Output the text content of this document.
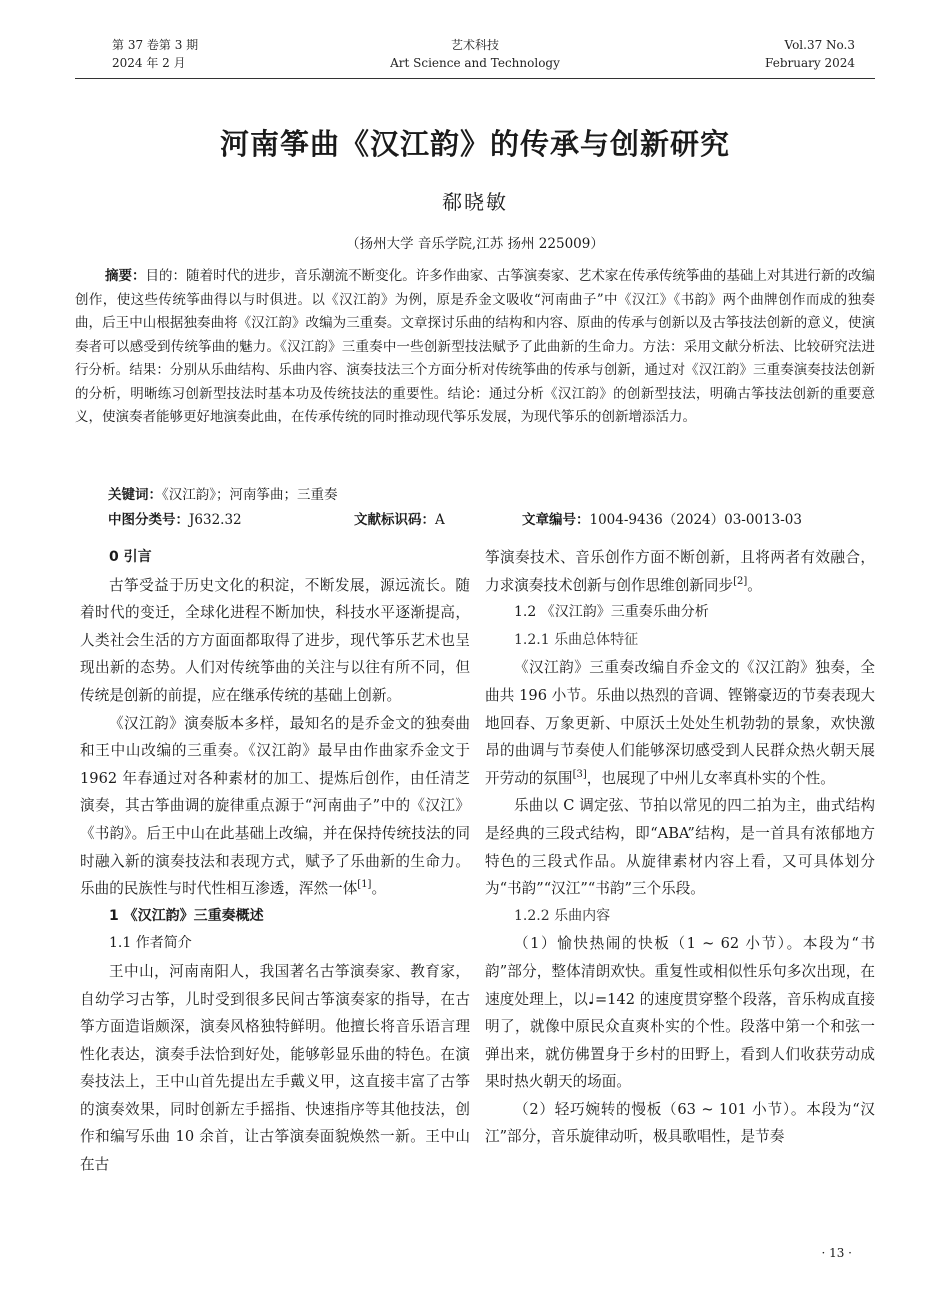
第 37 卷第 3 期
2024 年 2 月
艺术科技
Art Science and Technology
Vol.37 No.3
February 2024
河南筝曲《汉江韵》的传承与创新研究
郗晓敏
（扬州大学 音乐学院,江苏 扬州 225009）
摘要：目的：随着时代的进步，音乐潮流不断变化。许多作曲家、古筝演奏家、艺术家在传承传统筝曲的基础上对其进行新的改编创作，使这些传统筝曲得以与时俱进。以《汉江韵》为例，原是乔金文吸收“河南曲子”中《汉江》《书韵》两个曲牌创作而成的独奏曲，后王中山根据独奏曲将《汉江韵》改编为三重奏。文章探讨乐曲的结构和内容、原曲的传承与创新以及古筝技法创新的意义，使演奏者可以感受到传统筝曲的魅力。《汉江韵》三重奏中一些创新型技法赋予了此曲新的生命力。方法：采用文献分析法、比较研究法进行分析。结果：分别从乐曲结构、乐曲内容、演奏技法三个方面分析对传统筝曲的传承与创新，通过对《汉江韵》三重奏演奏技法创新的分析，明晰练习创新型技法时基本功及传统技法的重要性。结论：通过分析《汉江韵》的创新型技法，明确古筝技法创新的重要意义，使演奏者能够更好地演奏此曲，在传承传统的同时推动现代筝乐发展，为现代筝乐的创新增添活力。
关键词：《汉江韵》；河南筝曲；三重奏
中图分类号：J632.32	文献标识码：A	文章编号：1004-9436（2024）03-0013-03

0 引言

古筝受益于历史文化的积淀，不断发展，源远流长。随着时代的变迁，全球化进程不断加快，科技水平逐渐提高，人类社会生活的方方面面都取得了进步，现代筝乐艺术也呈现出新的态势。人们对传统筝曲的关注与以往有所不同，但传统是创新的前提，应在继承传统的基础上创新。

《汉江韵》演奏版本多样，最知名的是乔金文的独奏曲和王中山改编的三重奏。《汉江韵》最早由作曲家乔金文于 1962 年春通过对各种素材的加工、提炼后创作，由任清芝演奏，其古筝曲调的旋律重点源于“河南曲子”中的《汉江》《书韵》。后王中山在此基础上改编，并在保持传统技法的同时融入新的演奏技法和表现方式，赋予了乐曲新的生命力。乐曲的民族性与时代性相互渗透，浑然一体[1]。

1 《汉江韵》三重奏概述

1.1 作者简介

王中山，河南南阳人，我国著名古筝演奏家、教育家，自幼学习古筝，儿时受到很多民间古筝演奏家的指导，在古筝方面造诣颇深，演奏风格独特鲜明。他擅长将音乐语言理性化表达，演奏手法恰到好处，能够彰显乐曲的特色。在演奏技法上，王中山首先提出左手戴义甲，这直接丰富了古筝的演奏效果，同时创新左手摇指、快速指序等其他技法，创作和编写乐曲 10 余首，让古筝演奏面貌焕然一新。王中山在古

筝演奏技术、音乐创作方面不断创新，且将两者有效融合，力求演奏技术创新与创作思维创新同步[2]。

1.2 《汉江韵》三重奏乐曲分析

1.2.1 乐曲总体特征

《汉江韵》三重奏改编自乔金文的《汉江韵》独奏，全曲共 196 小节。乐曲以热烈的音调、铿锵豪迈的节奏表现大地回春、万象更新、中原沃土处处生机勃勃的景象，欢快激昂的曲调与节奏使人们能够深切感受到人民群众热火朝天展开劳动的氛围[3]，也展现了中州儿女率真朴实的个性。

乐曲以 C 调定弦、节拍以常见的四二拍为主，曲式结构是经典的三段式结构，即“ABA”结构，是一首具有浓郁地方特色的三段式作品。从旋律素材内容上看，又可具体划分为“书韵”“汉江”“书韵”三个乐段。

1.2.2 乐曲内容

（1）愉快热闹的快板（1 ~ 62 小节）。本段为“书韵”部分，整体清朗欢快。重复性或相似性乐句多次出现，在速度处理上，以♩=142 的速度贯穿整个段落，音乐构成直接明了，就像中原民众直爽朴实的个性。段落中第一个和弦一弹出来，就仿佛置身于乡村的田野上，看到人们收获劳动成果时热火朝天的场面。

（2）轻巧婉转的慢板（63 ~ 101 小节）。本段为“汉江”部分，音乐旋律动听，极具歌唱性，是节奏

· 13 ·
